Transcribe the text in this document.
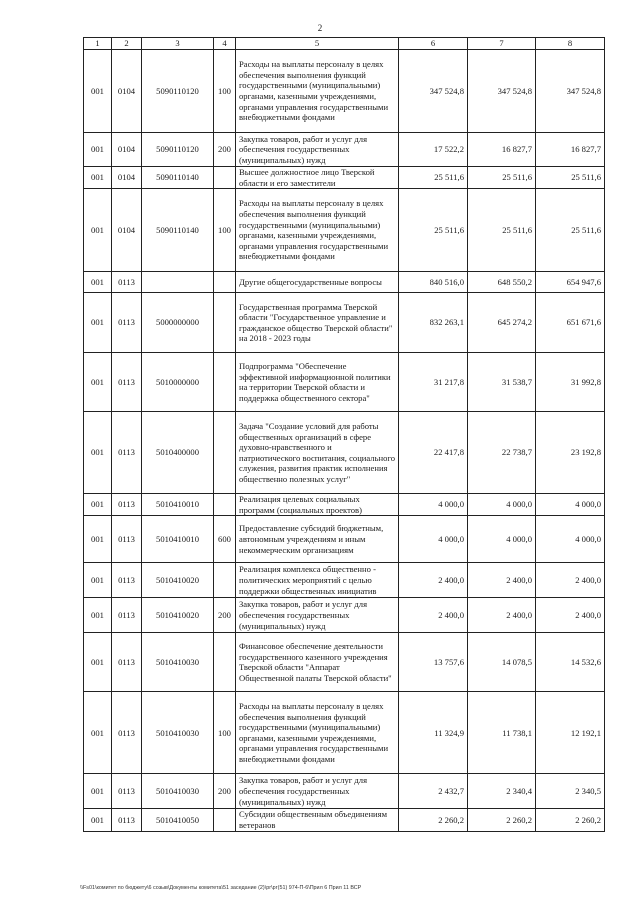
2
1	2	3	4	5	6	7	8
001	0104	5090110120	100	Расходы на выплаты персоналу в целях обеспечения выполнения функций государственными (муниципальными) органами, казенными учреждениями, органами управления государственными внебюджетными фондами	347 524,8	347 524,8	347 524,8
001	0104	5090110120	200	Закупка товаров, работ и услуг для обеспечения государственных (муниципальных) нужд	17 522,2	16 827,7	16 827,7
001	0104	5090110140		Высшее должностное лицо Тверской области и его заместители	25 511,6	25 511,6	25 511,6
001	0104	5090110140	100	Расходы на выплаты персоналу в целях обеспечения выполнения функций государственными (муниципальными) органами, казенными учреждениями, органами управления государственными внебюджетными фондами	25 511,6	25 511,6	25 511,6
001	0113			Другие общегосударственные вопросы	840 516,0	648 550,2	654 947,6
001	0113	5000000000		Государственная программа Тверской области "Государственное управление и гражданское общество Тверской области" на 2018 - 2023 годы	832 263,1	645 274,2	651 671,6
001	0113	5010000000		Подпрограмма "Обеспечение эффективной информационной политики на территории Тверской области и поддержка общественного сектора"	31 217,8	31 538,7	31 992,8
001	0113	5010400000		Задача "Создание условий для работы общественных организаций в сфере духовно-нравственного и патриотического воспитания, социального служения, развития практик исполнения общественно полезных услуг"	22 417,8	22 738,7	23 192,8
001	0113	5010410010		Реализация целевых социальных программ (социальных проектов)	4 000,0	4 000,0	4 000,0
001	0113	5010410010	600	Предоставление субсидий бюджетным, автономным учреждениям и иным некоммерческим организациям	4 000,0	4 000,0	4 000,0
001	0113	5010410020		Реализация комплекса общественно - политических мероприятий с целью поддержки общественных инициатив	2 400,0	2 400,0	2 400,0
001	0113	5010410020	200	Закупка товаров, работ и услуг для обеспечения государственных (муниципальных) нужд	2 400,0	2 400,0	2 400,0
001	0113	5010410030		Финансовое обеспечение деятельности государственного казенного учреждения Тверской области "Аппарат Общественной палаты Тверской области"	13 757,6	14 078,5	14 532,6
001	0113	5010410030	100	Расходы на выплаты персоналу в целях обеспечения выполнения функций государственными (муниципальными) органами, казенными учреждениями, органами управления государственными внебюджетными фондами	11 324,9	11 738,1	12 192,1
001	0113	5010410030	200	Закупка товаров, работ и услуг для обеспечения государственных (муниципальных) нужд	2 432,7	2 340,4	2 340,5
001	0113	5010410050		Субсидии общественным объединениям ветеранов	2 260,2	2 260,2	2 260,2
\\Fs01\комитет по бюджету\6 созыв\Документы комитета\51 заседание (2)\рг\рг(51) 974-П-6\Прил 6 Прил 11 ВСР
